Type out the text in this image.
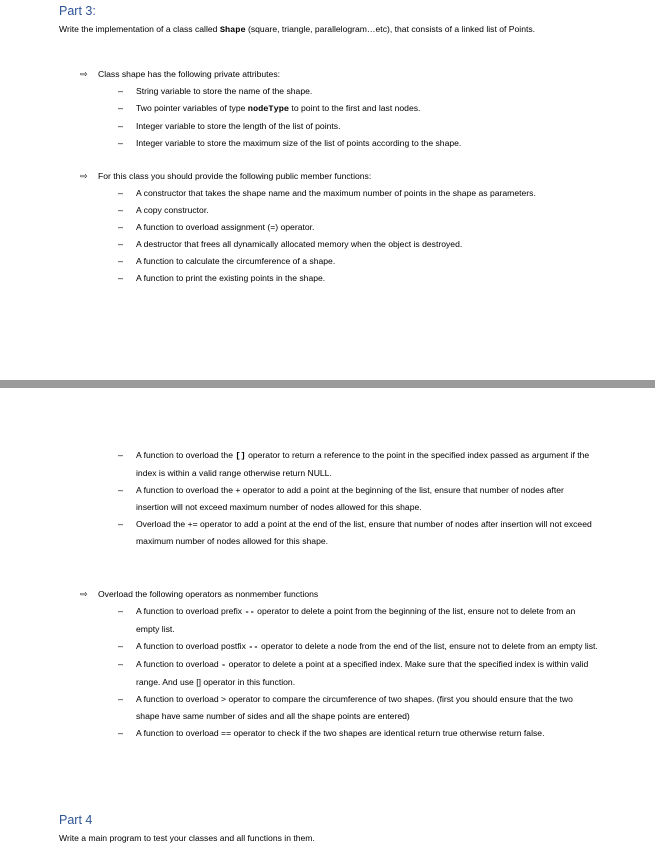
Part 3:

Write the implementation of a class called Shape (square, triangle, parallelogram…etc), that consists of a linked list of Points.

⇨ Class shape has the following private attributes:
– String variable to store the name of the shape.
– Two pointer variables of type nodeType to point to the first and last nodes.
– Integer variable to store the length of the list of points.
– Integer variable to store the maximum size of the list of points according to the shape.
⇨ For this class you should provide the following public member functions:
– A constructor that takes the shape name and the maximum number of points in the shape as parameters.
– A copy constructor.
– A function to overload assignment (=) operator.
– A destructor that frees all dynamically allocated memory when the object is destroyed.
– A function to calculate the circumference of a shape.
– A function to print the existing points in the shape.
– A function to overload the [] operator to return a reference to the point in the specified index passed as argument if the index is within a valid range otherwise return NULL.
– A function to overload the + operator to add a point at the beginning of the list, ensure that number of nodes after insertion will not exceed maximum number of nodes allowed for this shape.
– Overload the += operator to add a point at the end of the list, ensure that number of nodes after insertion will not exceed maximum number of nodes allowed for this shape.
⇨ Overload the following operators as nonmember functions
– A function to overload prefix -- operator to delete a point from the beginning of the list, ensure not to delete from an empty list.
– A function to overload postfix -- operator to delete a node from the end of the list, ensure not to delete from an empty list.
– A function to overload - operator to delete a point at a specified index. Make sure that the specified index is within valid range. And use [] operator in this function.
– A function to overload > operator to compare the circumference of two shapes. (first you should ensure that the two shape have same number of sides and all the shape points are entered)
– A function to overload == operator to check if the two shapes are identical return true otherwise return false.
Part 4

Write a main program to test your classes and all functions in them.
